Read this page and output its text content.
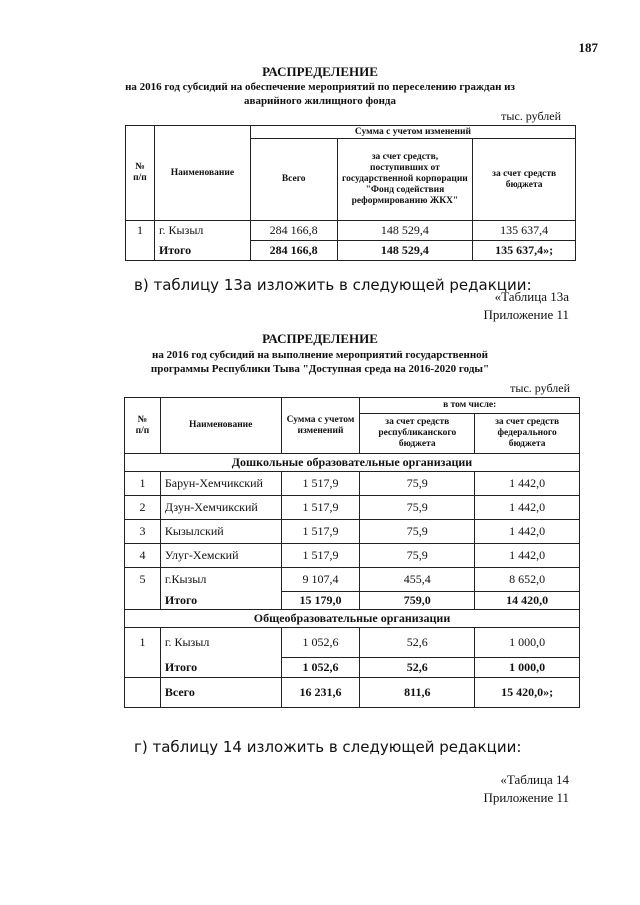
187
РАСПРЕДЕЛЕНИЕ
на 2016 год субсидий на обеспечение мероприятий по переселению граждан из
аварийного жилищного фонда
тыс. рублей
№
п/п	Наименование	Сумма с учетом изменений		
		Всего	за счет средств, поступивших от государственной корпорации "Фонд содействия реформированию ЖКХ"	за счет средств бюджета
1	г. Кызыл	284 166,8	148 529,4	135 637,4
	Итого	284 166,8	148 529,4	135 637,4»;
в) таблицу 13а изложить в следующей редакции:
«Таблица 13а
Приложение 11
РАСПРЕДЕЛЕНИЕ
на 2016 год субсидий на выполнение мероприятий государственной
программы Республики Тыва "Доступная среда на 2016-2020 годы"
тыс. рублей
№
п/п	Наименование	Сумма с учетом изменений	в том числе:	
			за счет средств республиканского бюджета	за счет средств федерального бюджета
Дошкольные образовательные организации				
1	Барун-Хемчикский	1 517,9	75,9	1 442,0
2	Дзун-Хемчикский	1 517,9	75,9	1 442,0
3	Кызылский	1 517,9	75,9	1 442,0
4	Улуг-Хемский	1 517,9	75,9	1 442,0
5	г.Кызыл	9 107,4	455,4	8 652,0
	Итого	15 179,0	759,0	14 420,0
Общеобразовательные организации				
1	г. Кызыл	1 052,6	52,6	1 000,0
	Итого	1 052,6	52,6	1 000,0
	Всего	16 231,6	811,6	15 420,0»;
г) таблицу 14 изложить в следующей редакции:
«Таблица 14
Приложение 11
